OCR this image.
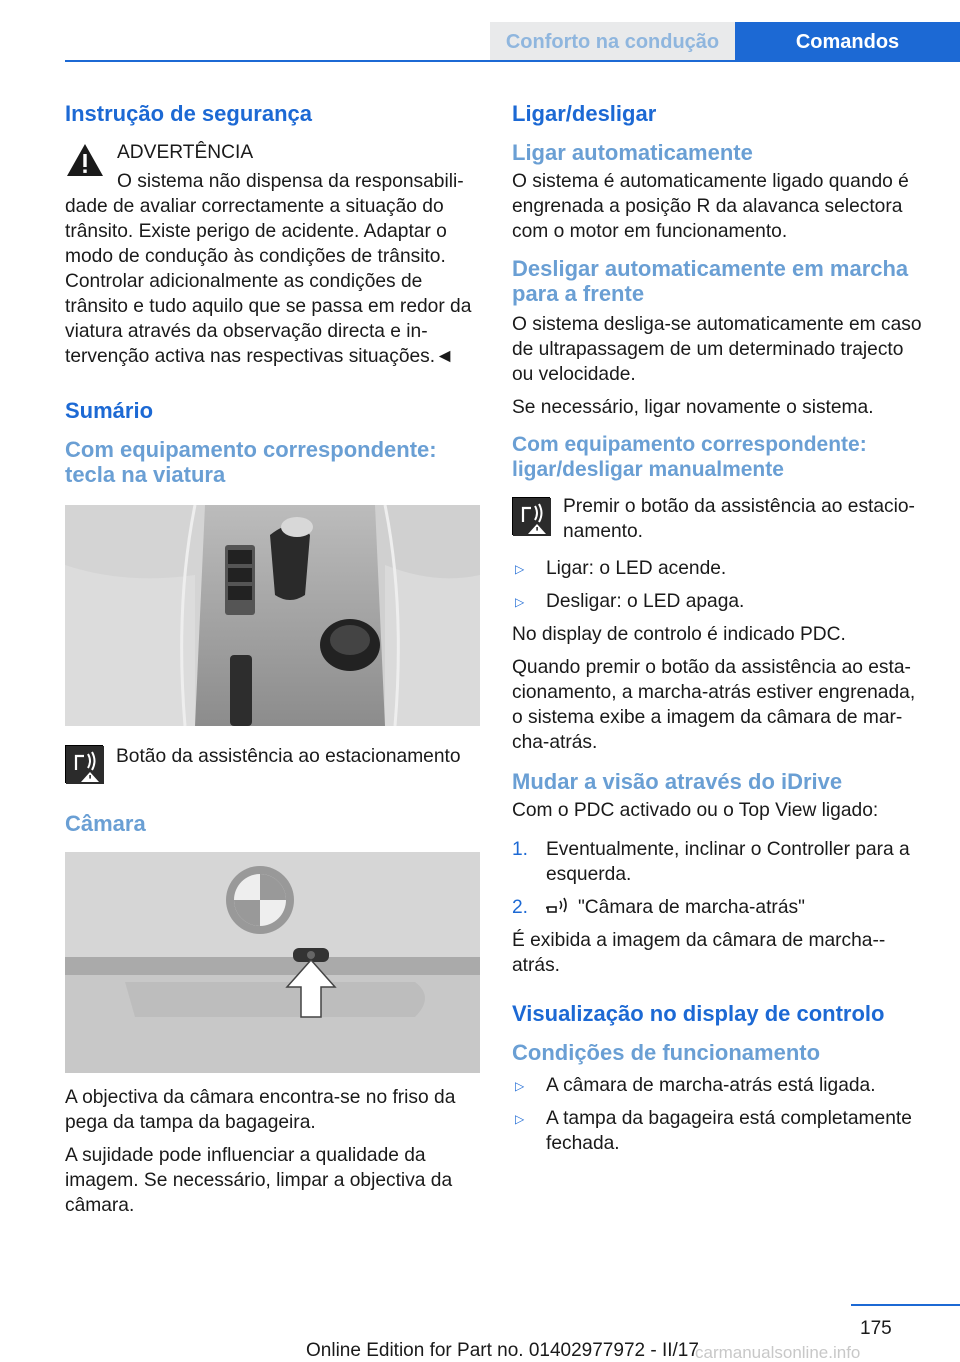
Conforto na condução	Comandos
Instrução de segurança

ADVERTÊNCIA

O sistema não dispensa da responsabili-dade de avaliar correctamente a situação do trânsito. Existe perigo de acidente. Adaptar o modo de condução às condições de trânsito. Controlar adicionalmente as condições de trânsito e tudo aquilo que se passa em redor da viatura através da observação directa e in-tervenção activa nas respectivas situações.◄

Sumário
Com equipamento correspondente: tecla na viatura

Botão da assistência ao estacionamento

Câmara

A objectiva da câmara encontra-se no friso da pega da tampa da bagageira.

A sujidade pode influenciar a qualidade da imagem. Se necessário, limpar a objectiva da câmara.

Ligar/desligar
Ligar automaticamente

O sistema é automaticamente ligado quando é engrenada a posição R da alavanca selectora com o motor em funcionamento.

Desligar automaticamente em marcha para a frente

O sistema desliga-se automaticamente em caso de ultrapassagem de um determinado trajecto ou velocidade.

Se necessário, ligar novamente o sistema.

Com equipamento correspondente: ligar/desligar manualmente

Premir o botão da assistência ao estacio-namento.

▷ Ligar: o LED acende.
▷ Desligar: o LED apaga.

No display de controlo é indicado PDC.

Quando premir o botão da assistência ao esta-cionamento, a marcha-atrás estiver engrenada, o sistema exibe a imagem da câmara de mar-cha-atrás.

Mudar a visão através do iDrive

Com o PDC activado ou o Top View ligado:

1. Eventualmente, inclinar o Controller para a esquerda.
2.	"Câmara de marcha-atrás"

É exibida a imagem da câmara de marcha--atrás.

Visualização no display de controlo
Condições de funcionamento
▷ A câmara de marcha-atrás está ligada.
▷ A tampa da bagageira está completamente fechada.
175
Online Edition for Part no. 01402977972 - II/17
carmanualsonline.info
